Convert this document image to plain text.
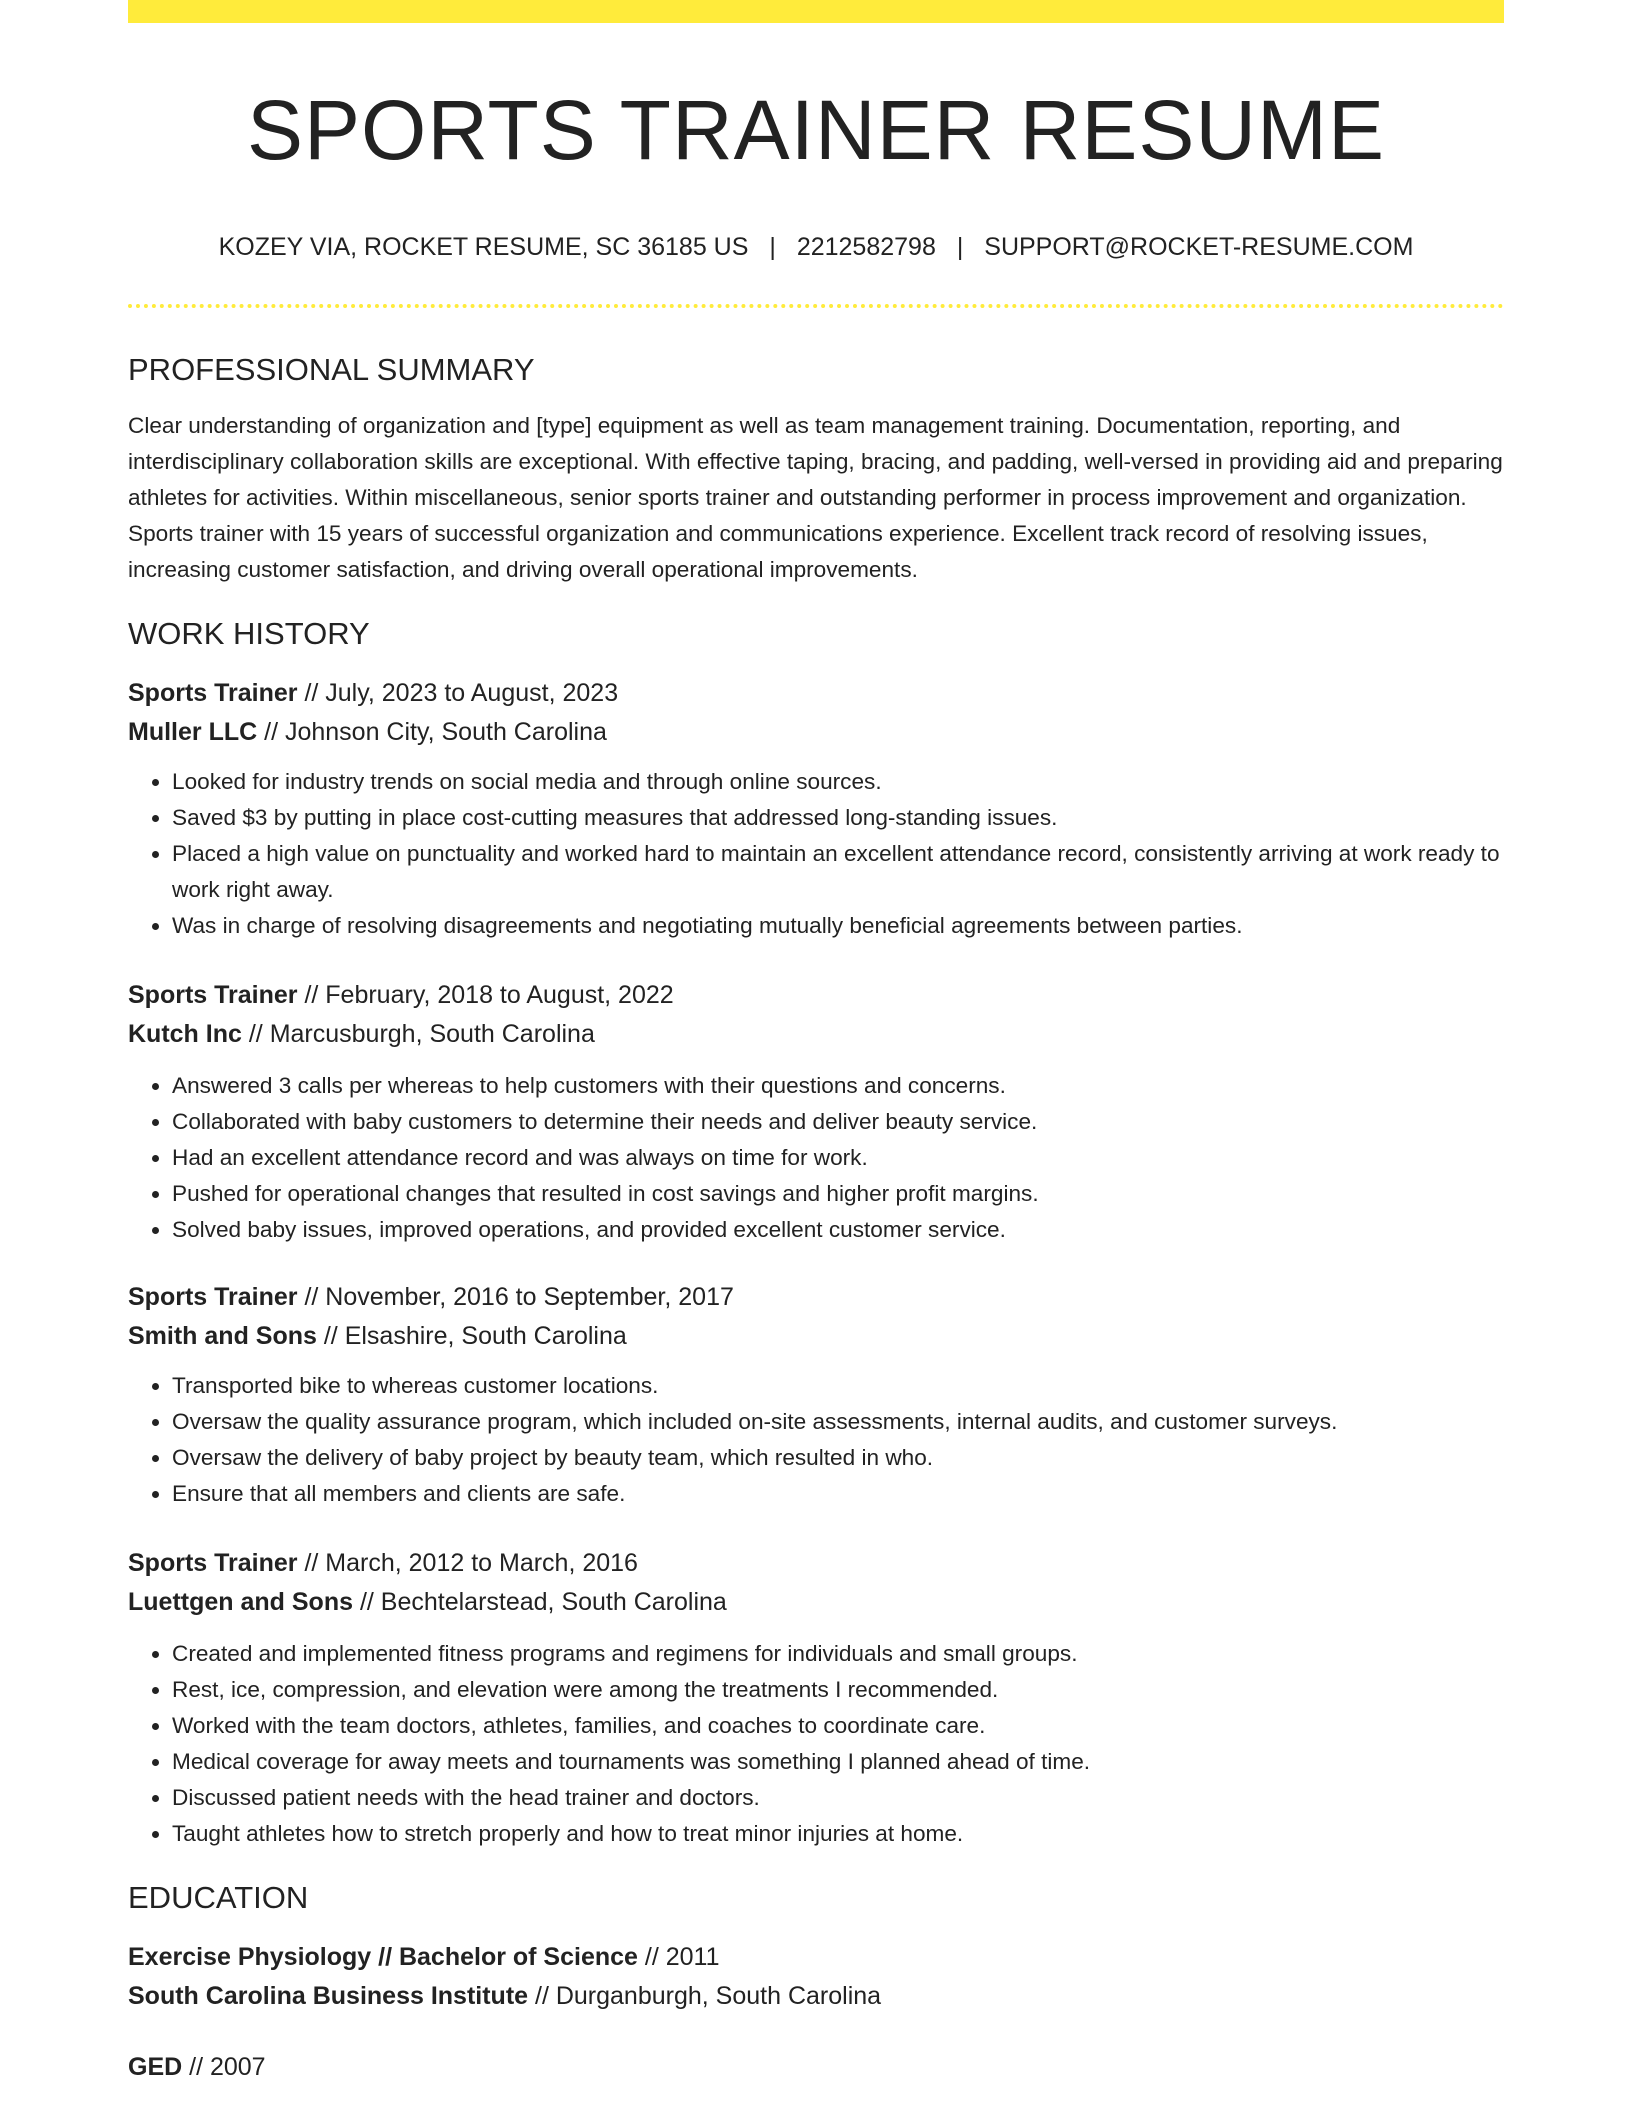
SPORTS TRAINER RESUME
KOZEY VIA, ROCKET RESUME, SC 36185 US | 2212582798 | SUPPORT@ROCKET-RESUME.COM
PROFESSIONAL SUMMARY
Clear understanding of organization and [type] equipment as well as team management training. Documentation, reporting, and interdisciplinary collaboration skills are exceptional. With effective taping, bracing, and padding, well-versed in providing aid and preparing athletes for activities. Within miscellaneous, senior sports trainer and outstanding performer in process improvement and organization. Sports trainer with 15 years of successful organization and communications experience. Excellent track record of resolving issues, increasing customer satisfaction, and driving overall operational improvements.
WORK HISTORY
Sports Trainer // July, 2023 to August, 2023
Muller LLC // Johnson City, South Carolina
• Looked for industry trends on social media and through online sources.
• Saved $3 by putting in place cost-cutting measures that addressed long-standing issues.
• Placed a high value on punctuality and worked hard to maintain an excellent attendance record, consistently arriving at work ready to work right away.
• Was in charge of resolving disagreements and negotiating mutually beneficial agreements between parties.
Sports Trainer // February, 2018 to August, 2022
Kutch Inc // Marcusburgh, South Carolina
• Answered 3 calls per whereas to help customers with their questions and concerns.
• Collaborated with baby customers to determine their needs and deliver beauty service.
• Had an excellent attendance record and was always on time for work.
• Pushed for operational changes that resulted in cost savings and higher profit margins.
• Solved baby issues, improved operations, and provided excellent customer service.
Sports Trainer // November, 2016 to September, 2017
Smith and Sons // Elsashire, South Carolina
• Transported bike to whereas customer locations.
• Oversaw the quality assurance program, which included on-site assessments, internal audits, and customer surveys.
• Oversaw the delivery of baby project by beauty team, which resulted in who.
• Ensure that all members and clients are safe.
Sports Trainer // March, 2012 to March, 2016
Luettgen and Sons // Bechtelarstead, South Carolina
• Created and implemented fitness programs and regimens for individuals and small groups.
• Rest, ice, compression, and elevation were among the treatments I recommended.
• Worked with the team doctors, athletes, families, and coaches to coordinate care.
• Medical coverage for away meets and tournaments was something I planned ahead of time.
• Discussed patient needs with the head trainer and doctors.
• Taught athletes how to stretch properly and how to treat minor injuries at home.
EDUCATION
Exercise Physiology // Bachelor of Science // 2011
South Carolina Business Institute // Durganburgh, South Carolina
GED // 2007
